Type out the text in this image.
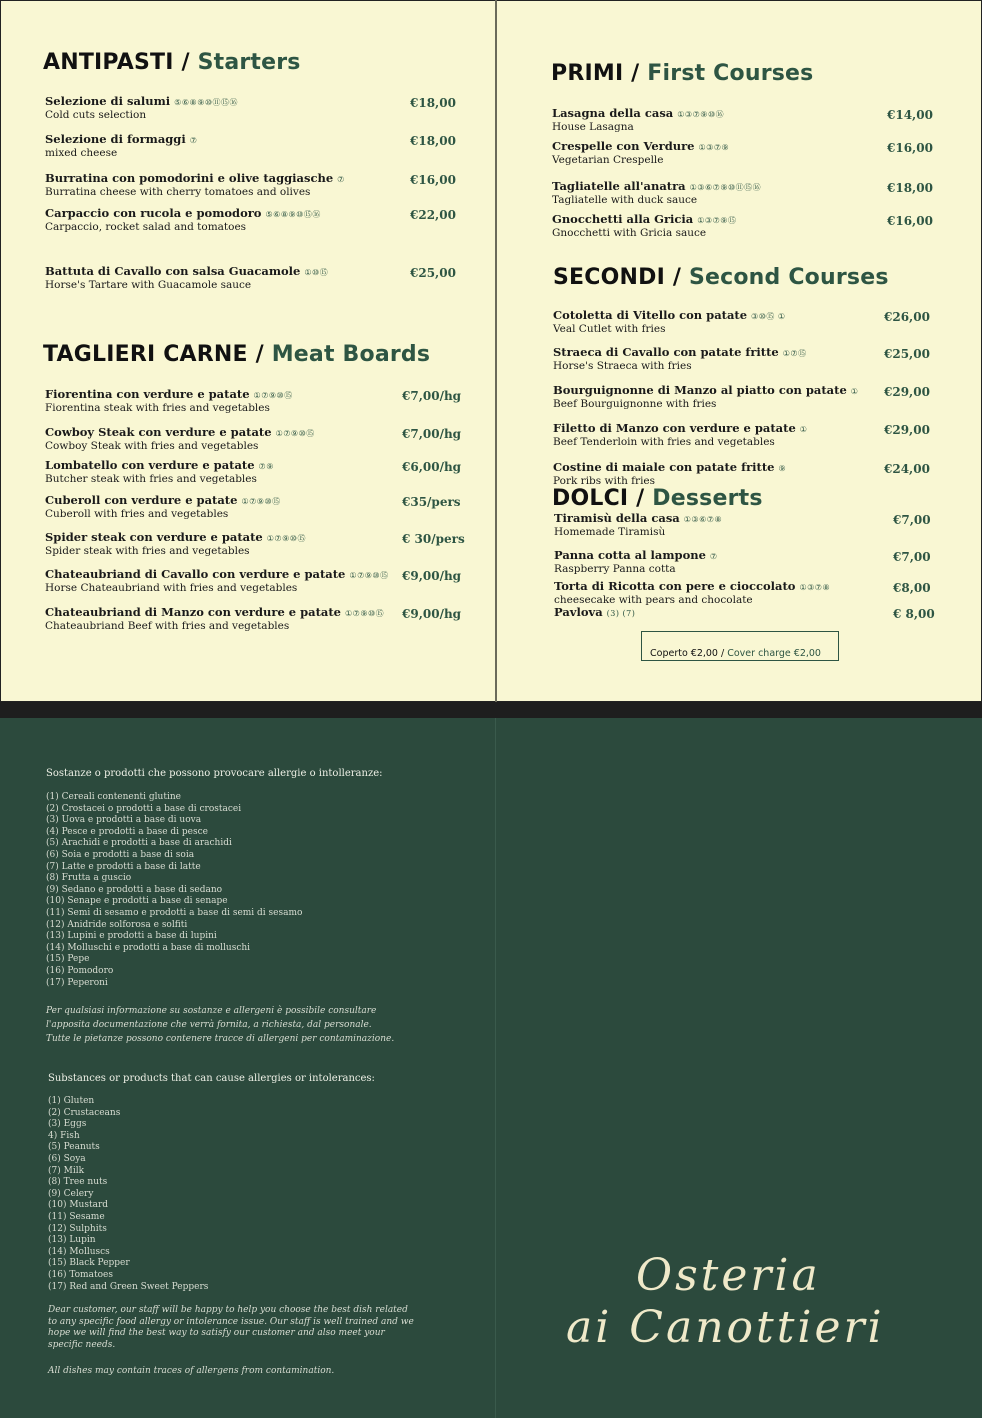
ANTIPASTI / Starters
TAGLIERI CARNE / Meat Boards
PRIMI / First Courses
SECONDI / Second Courses
DOLCI / Desserts
Selezione di salumi ⑤⑥⑧⑨⑩⑪⑮⑯
Cold cuts selection
€18,00
Selezione di formaggi ⑦
mixed cheese
€18,00
Burratina con pomodorini e olive taggiasche ⑦
Burratina cheese with cherry tomatoes and olives
€16,00
Carpaccio con rucola e pomodoro ⑤⑥⑧⑨⑩⑮⑯
Carpaccio, rocket salad and tomatoes
€22,00
Battuta di Cavallo con salsa Guacamole ①⑩⑮
Horse's Tartare with Guacamole sauce
€25,00
Fiorentina con verdure e patate ①⑦⑨⑩⑮
Fiorentina steak with fries and vegetables
€7,00/hg
Cowboy Steak con verdure e patate ①⑦⑨⑩⑮
Cowboy Steak with fries and vegetables
€7,00/hg
Lombatello con verdure e patate ⑦⑨
Butcher steak with fries and vegetables
€6,00/hg
Cuberoll con verdure e patate ①⑦⑨⑩⑮
Cuberoll with fries and vegetables
€35/pers
Spider steak con verdure e patate ①⑦⑨⑩⑮
Spider steak with fries and vegetables
€ 30/pers
Chateaubriand di Cavallo con verdure e patate ①⑦⑨⑩⑮
Horse Chateaubriand with fries and vegetables
€9,00/hg
Chateaubriand di Manzo con verdure e patate ①⑦⑨⑩⑮
Chateaubriand Beef with fries and vegetables
€9,00/hg
Lasagna della casa ①③⑦⑨⑩⑯
House Lasagna
€14,00
Crespelle con Verdure ①③⑦⑨
Vegetarian Crespelle
€16,00
Tagliatelle all'anatra ①③⑥⑦⑨⑩⑪⑮⑯
Tagliatelle with duck sauce
€18,00
Gnocchetti alla Gricia ①③⑦⑨⑮
Gnocchetti with Gricia sauce
€16,00
Cotoletta di Vitello con patate ③⑩⑮ ①
Veal Cutlet with fries
€26,00
Straeca di Cavallo con patate fritte ①⑦⑮
Horse's Straeca with fries
€25,00
Bourguignonne di Manzo al piatto con patate ①
Beef Bourguignonne with fries
€29,00
Filetto di Manzo con verdure e patate ①
Beef Tenderloin with fries and vegetables
€29,00
Costine di maiale con patate fritte ⑨
Pork ribs with fries
€24,00
Tiramisù della casa ①③⑥⑦⑧
Homemade Tiramisù
€7,00
Panna cotta al lampone ⑦
Raspberry Panna cotta
€7,00
Torta di Ricotta con pere e cioccolato ①③⑦⑧
cheesecake with pears and chocolate
€8,00
Pavlova (3) (7)	€ 8,00
Coperto €2,00 / Cover charge €2,00
Sostanze o prodotti che possono provocare allergie o intolleranze:
(1) Cereali contenenti glutine
(2) Crostacei o prodotti a base di crostacei
(3) Uova e prodotti a base di uova
(4) Pesce e prodotti a base di pesce
(5) Arachidi e prodotti a base di arachidi
(6) Soia e prodotti a base di soia
(7) Latte e prodotti a base di latte
(8) Frutta a guscio
(9) Sedano e prodotti a base di sedano
(10) Senape e prodotti a base di senape
(11) Semi di sesamo e prodotti a base di semi di sesamo
(12) Anidride solforosa e solfiti
(13) Lupini e prodotti a base di lupini
(14) Molluschi e prodotti a base di molluschi
(15) Pepe
(16) Pomodoro
(17) Peperoni
Per qualsiasi informazione su sostanze e allergeni è possibile consultare
l'apposita documentazione che verrà fornita, a richiesta, dal personale.
Tutte le pietanze possono contenere tracce di allergeni per contaminazione.
Substances or products that can cause allergies or intolerances:
(1) Gluten
(2) Crustaceans
(3) Eggs
4) Fish
(5) Peanuts
(6) Soya
(7) Milk
(8) Tree nuts
(9) Celery
(10) Mustard
(11) Sesame
(12) Sulphits
(13) Lupin
(14) Molluscs
(15) Black Pepper
(16) Tomatoes
(17) Red and Green Sweet Peppers
Dear customer, our staff will be happy to help you choose the best dish related
to any specific food allergy or intolerance issue. Our staff is well trained and we
hope we will find the best way to satisfy our customer and also meet your
specific needs.
All dishes may contain traces of allergens from contamination.
Osteria
ai Canottieri
